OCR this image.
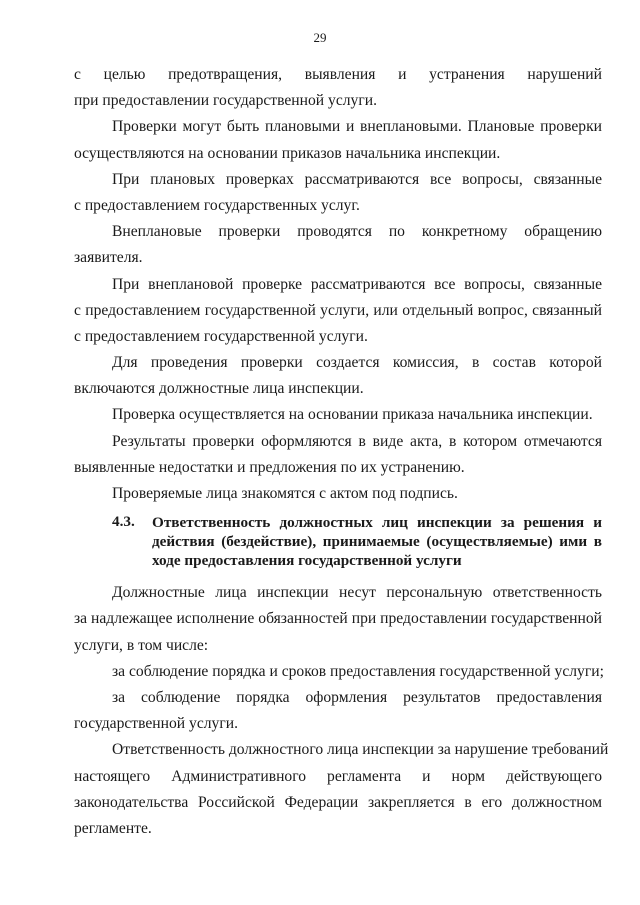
29
с целью предотвращения, выявления и устранения нарушений
при предоставлении государственной услуги.
Проверки могут быть плановыми и внеплановыми. Плановые проверки
осуществляются на основании приказов начальника инспекции.
При плановых проверках рассматриваются все вопросы, связанные
с предоставлением государственных услуг.
Внеплановые проверки проводятся по конкретному обращению
заявителя.
При внеплановой проверке рассматриваются все вопросы, связанные
с предоставлением государственной услуги, или отдельный вопрос, связанный
с предоставлением государственной услуги.
Для проведения проверки создается комиссия, в состав которой
включаются должностные лица инспекции.
Проверка осуществляется на основании приказа начальника инспекции.
Результаты проверки оформляются в виде акта, в котором отмечаются
выявленные недостатки и предложения по их устранению.
Проверяемые лица знакомятся с актом под подпись.
4.3.	Ответственность должностных лиц инспекции за решения и
действия (бездействие), принимаемые (осуществляемые) ими в
ходе предоставления государственной услуги
Должностные лица инспекции несут персональную ответственность
за надлежащее исполнение обязанностей при предоставлении государственной
услуги, в том числе:
за соблюдение порядка и сроков предоставления государственной услуги;
за соблюдение порядка оформления результатов предоставления
государственной услуги.
Ответственность должностного лица инспекции за нарушение требований
настоящего Административного регламента и норм действующего
законодательства Российской Федерации закрепляется в его должностном
регламенте.
